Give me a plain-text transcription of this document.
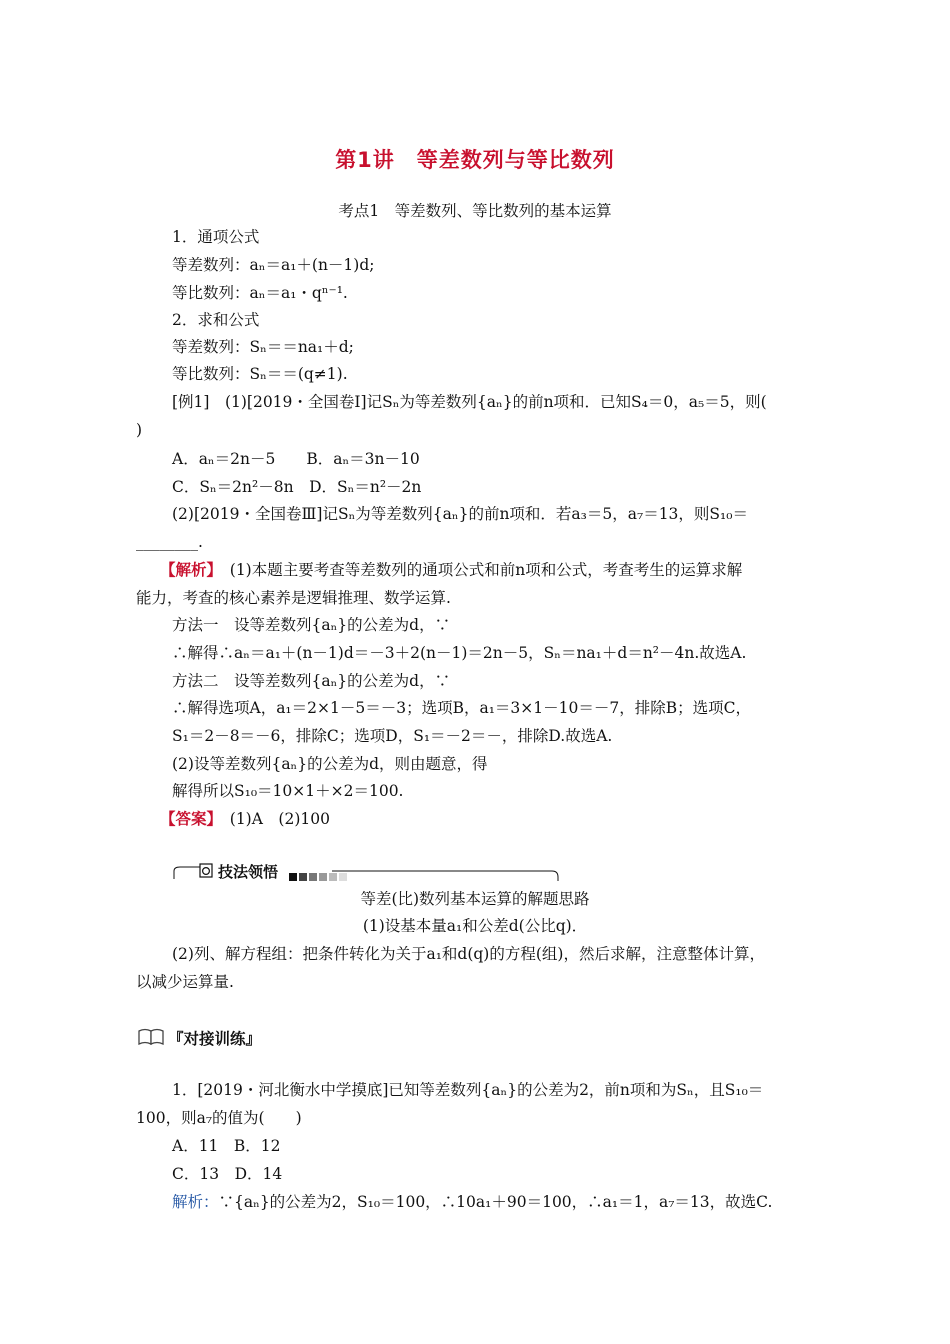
第1讲　等差数列与等比数列
考点1　等差数列、等比数列的基本运算
1．通项公式
等差数列：aₙ＝a₁＋(n－1)d;
等比数列：aₙ＝a₁・qⁿ⁻¹.
2．求和公式
等差数列：Sₙ＝＝na₁＋d;
等比数列：Sₙ＝＝(q≠1).
[例1]　(1)[2019・全国卷Ⅰ]记Sₙ为等差数列{aₙ}的前n项和．已知S₄＝0，a₅＝5，则(
)
A．aₙ＝2n－5　　B．aₙ＝3n－10
C．Sₙ＝2n²－8n　D．Sₙ＝n²－2n
(2)[2019・全国卷Ⅲ]记Sₙ为等差数列{aₙ}的前n项和．若a₃＝5，a₇＝13，则S₁₀＝
________.
【解析】　(1)本题主要考查等差数列的通项公式和前n项和公式，考查考生的运算求解
能力，考查的核心素养是逻辑推理、数学运算.
方法一　设等差数列{aₙ}的公差为d，∵
∴解得∴aₙ＝a₁＋(n－1)d＝－3＋2(n－1)＝2n－5，Sₙ＝na₁＋d＝n²－4n.故选A.
方法二　设等差数列{aₙ}的公差为d，∵
∴解得选项A，a₁＝2×1－5＝－3；选项B，a₁＝3×1－10＝－7，排除B；选项C，
S₁＝2－8＝－6，排除C；选项D，S₁＝－2＝－，排除D.故选A.
(2)设等差数列{aₙ}的公差为d，则由题意，得
解得所以S₁₀＝10×1＋×2＝100.
【答案】　(1)A　(2)100
技法领悟
等差(比)数列基本运算的解题思路
(1)设基本量a₁和公差d(公比q)．
(2)列、解方程组：把条件转化为关于a₁和d(q)的方程(组)，然后求解，注意整体计算，
以减少运算量.
『对接训练』
1．[2019・河北衡水中学摸底]已知等差数列{aₙ}的公差为2，前n项和为Sₙ，且S₁₀＝
100，则a₇的值为(　　)
A．11　B．12
C．13　D．14
解析：∵{aₙ}的公差为2，S₁₀＝100，∴10a₁＋90＝100，∴a₁＝1，a₇＝13，故选C.
